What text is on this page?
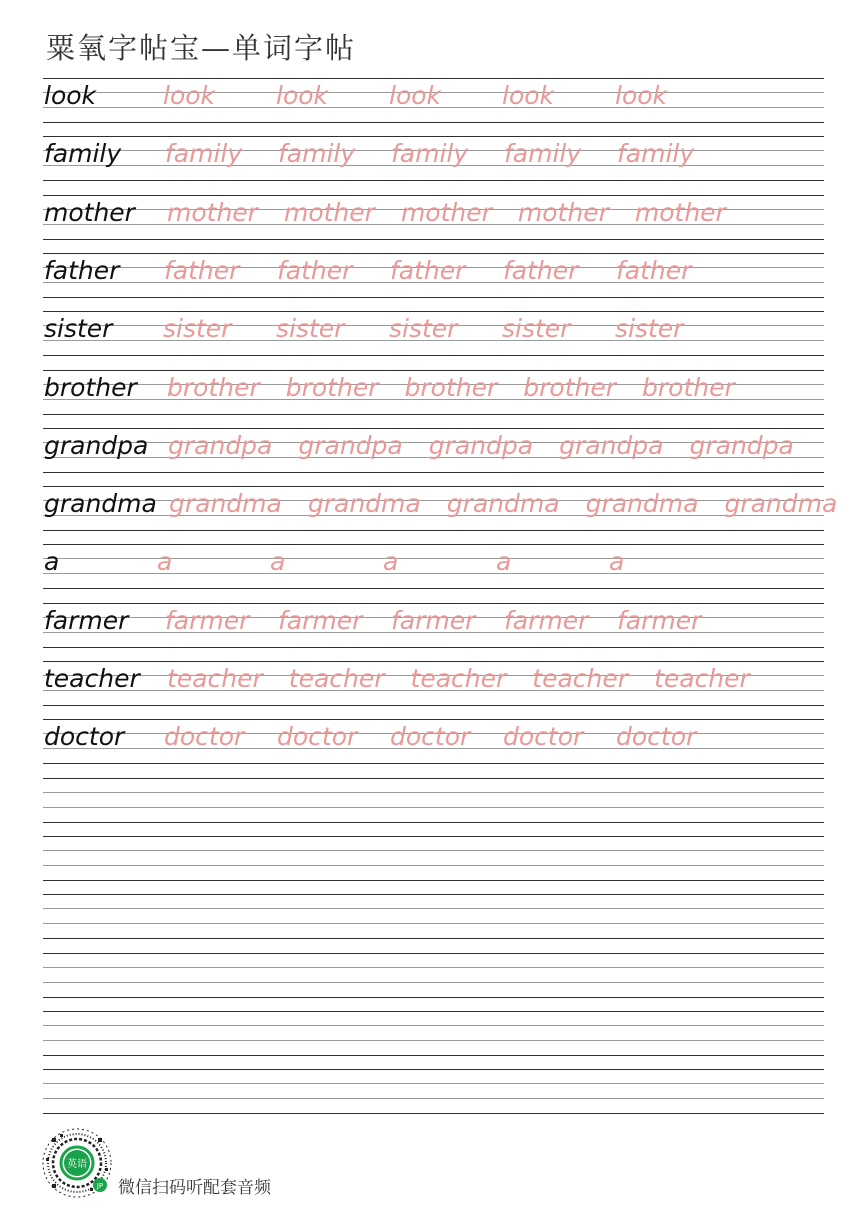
粟氧字帖宝—单词字帖
look	look look look look look
family family family family family family
mother mother mother mother mother mother
father father father father father father
sister sister sister sister sister sister
brother brother brother brother brother brother
grandpa grandpa grandpa grandpa grandpa grandpa
grandma grandma grandma grandma grandma grandma
a	a	a	a	a	a
farmer farmer farmer farmer farmer farmer
teacher teacher teacher teacher teacher teacher
doctor doctor doctor doctor doctor doctor
英语
JP 微信扫码听配套音频
